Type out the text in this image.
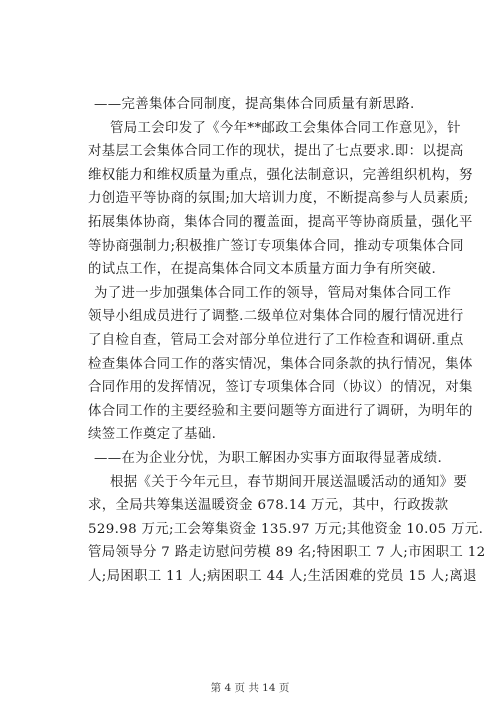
——完善集体合同制度，提高集体合同质量有新思路.
管局工会印发了《今年**邮政工会集体合同工作意见》，针
对基层工会集体合同工作的现状，提出了七点要求.即：以提高
维权能力和维权质量为重点，强化法制意识，完善组织机构，努
力创造平等协商的氛围;加大培训力度，不断提高参与人员素质;
拓展集体协商，集体合同的覆盖面，提高平等协商质量，强化平
等协商强制力;积极推广签订专项集体合同，推动专项集体合同
的试点工作，在提高集体合同文本质量方面力争有所突破.
为了进一步加强集体合同工作的领导，管局对集体合同工作
领导小组成员进行了调整.二级单位对集体合同的履行情况进行
了自检自查，管局工会对部分单位进行了工作检查和调研.重点
检查集体合同工作的落实情况，集体合同条款的执行情况，集体
合同作用的发挥情况，签订专项集体合同（协议）的情况，对集
体合同工作的主要经验和主要问题等方面进行了调研，为明年的
续签工作奠定了基础.
——在为企业分忧，为职工解困办实事方面取得显著成绩.
根据《关于今年元旦，春节期间开展送温暖活动的通知》要
求，全局共筹集送温暖资金 678.14 万元，其中，行政拨款
529.98 万元;工会筹集资金 135.97 万元;其他资金 10.05 万元.
管局领导分 7 路走访慰问劳模 89 名;特困职工 7 人;市困职工 12
人;局困职工 11 人;病困职工 44 人;生活困难的党员 15 人;离退
第 4 页 共 14 页
